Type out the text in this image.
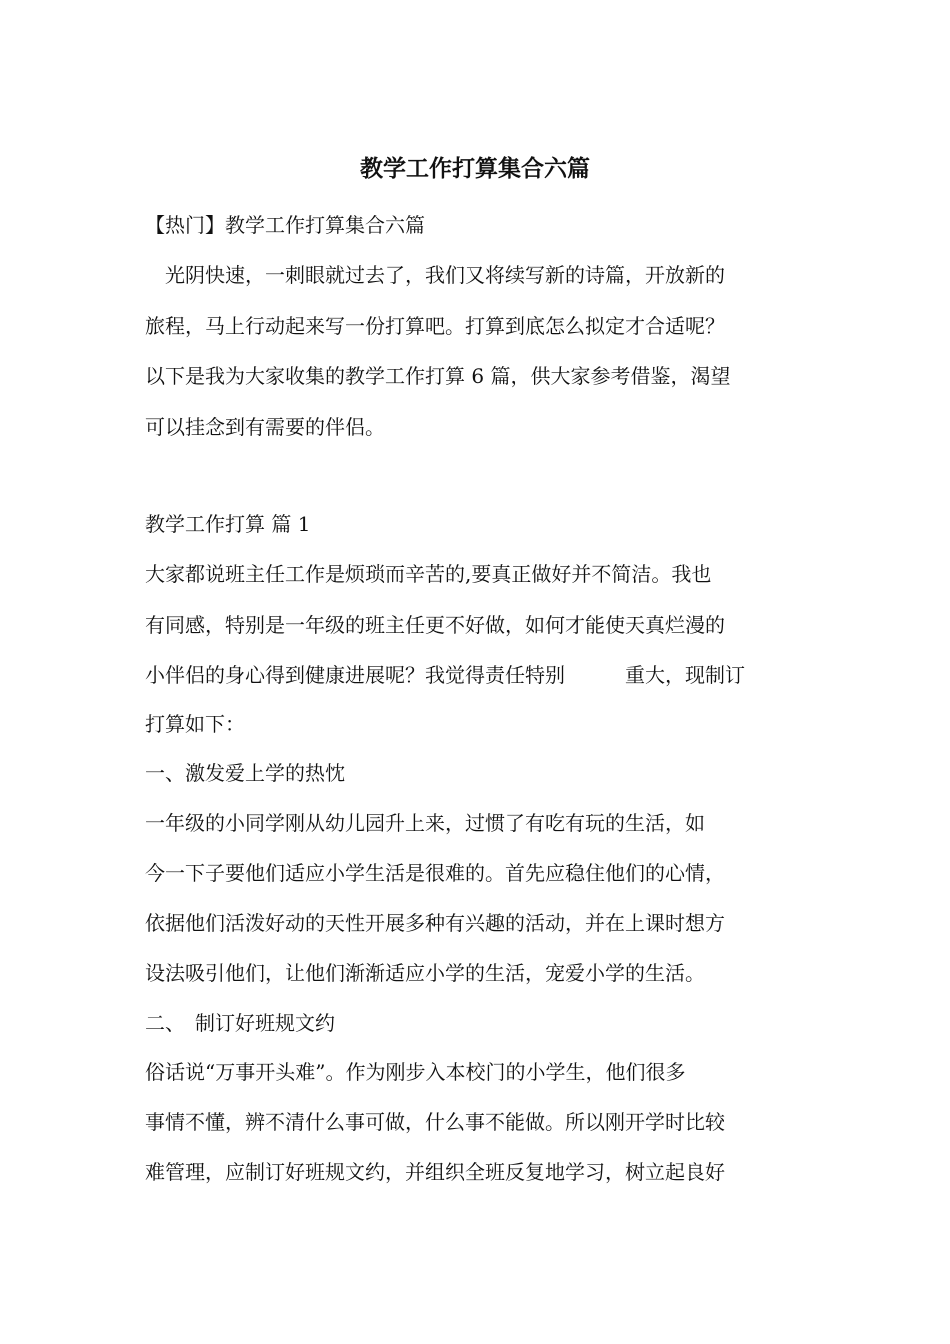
教学工作打算集合六篇
【热门】教学工作打算集合六篇
　光阴快速，一刺眼就过去了，我们又将续写新的诗篇，开放新的
旅程，马上行动起来写一份打算吧。打算到底怎么拟定才合适呢？
以下是我为大家收集的教学工作打算 6 篇，供大家参考借鉴，渴望
可以挂念到有需要的伴侣。
教学工作打算 篇 1
大家都说班主任工作是烦琐而辛苦的,要真正做好并不简洁。我也
有同感，特别是一年级的班主任更不好做，如何才能使天真烂漫的
小伴侣的身心得到健康进展呢？我觉得责任特别　　　重大，现制订
打算如下：
一、激发爱上学的热忱
一年级的小同学刚从幼儿园升上来，过惯了有吃有玩的生活，如
今一下子要他们适应小学生活是很难的。首先应稳住他们的心情，
依据他们活泼好动的天性开展多种有兴趣的活动，并在上课时想方
设法吸引他们，让他们渐渐适应小学的生活，宠爱小学的生活。
二、　制订好班规文约
俗话说“万事开头难”。作为刚步入本校门的小学生，他们很多
事情不懂，辨不清什么事可做，什么事不能做。所以刚开学时比较
难管理，应制订好班规文约，并组织全班反复地学习，树立起良好
